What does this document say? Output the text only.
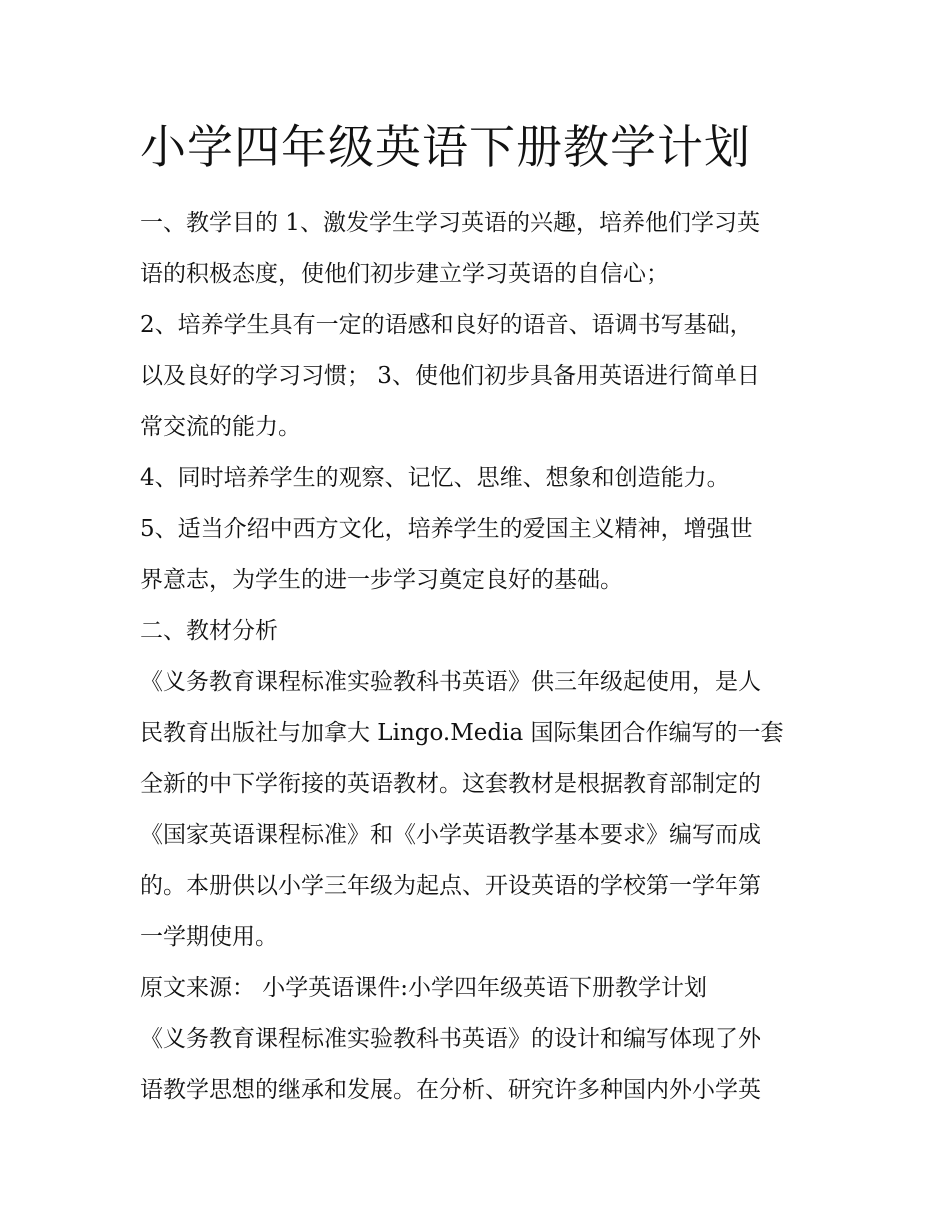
小学四年级英语下册教学计划
一、教学目的 1、激发学生学习英语的兴趣，培养他们学习英
语的积极态度，使他们初步建立学习英语的自信心；
2、培养学生具有一定的语感和良好的语音、语调书写基础，
以及良好的学习习惯； 3、使他们初步具备用英语进行简单日
常交流的能力。
4、同时培养学生的观察、记忆、思维、想象和创造能力。
5、适当介绍中西方文化，培养学生的爱国主义精神，增强世
界意志，为学生的进一步学习奠定良好的基础。
二、教材分析
《义务教育课程标准实验教科书英语》供三年级起使用，是人
民教育出版社与加拿大 Lingo.Media 国际集团合作编写的一套
全新的中下学衔接的英语教材。这套教材是根据教育部制定的
《国家英语课程标准》和《小学英语教学基本要求》编写而成
的。本册供以小学三年级为起点、开设英语的学校第一学年第
一学期使用。
原文来源： 小学英语课件:小学四年级英语下册教学计划
《义务教育课程标准实验教科书英语》的设计和编写体现了外
语教学思想的继承和发展。在分析、研究许多种国内外小学英
